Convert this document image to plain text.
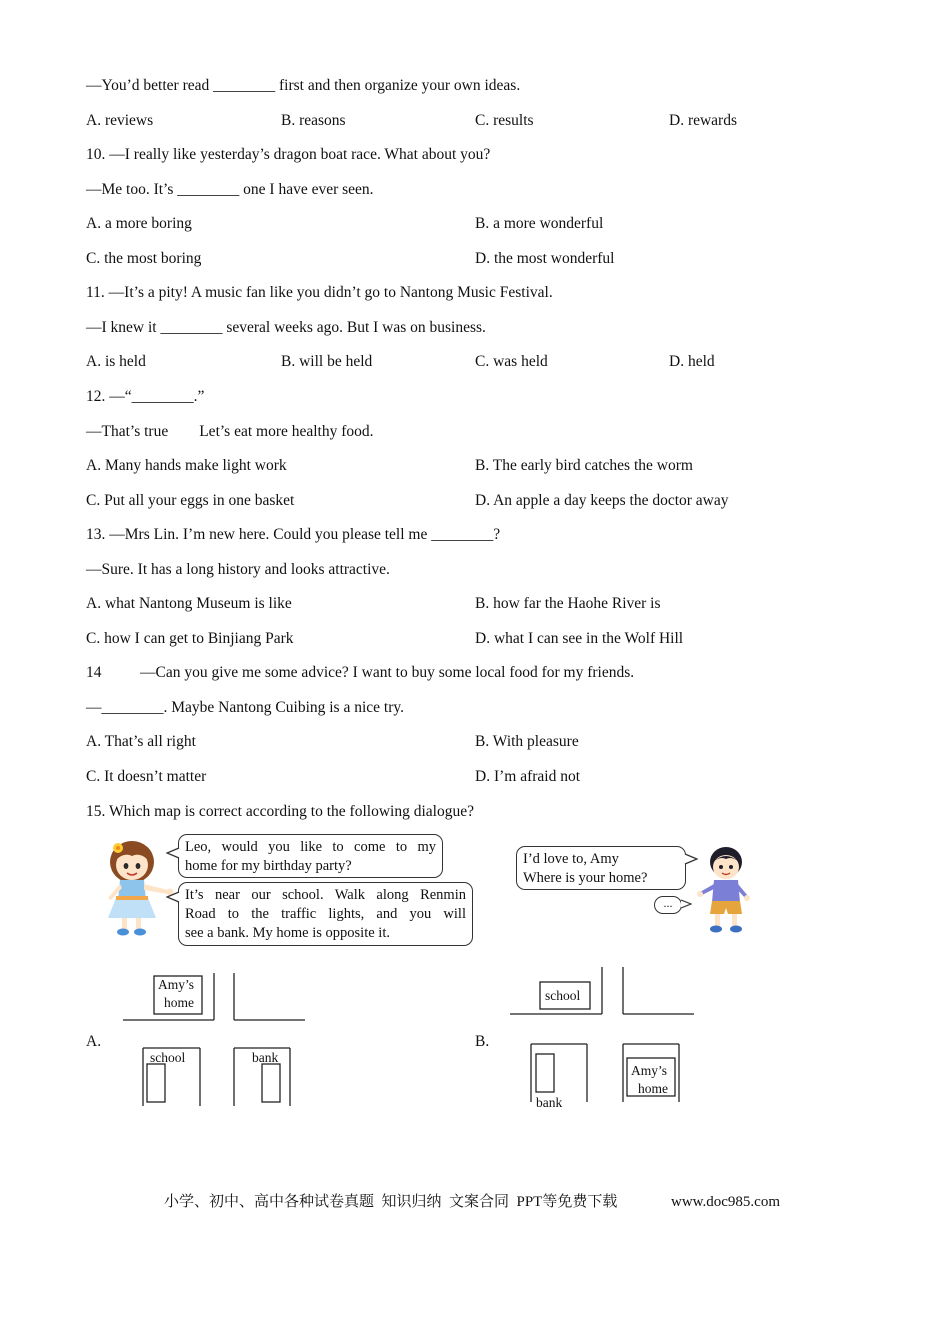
—You’d better read ________ first and then organize your own ideas.
A. reviews	B. reasons	C. results	D. rewards
10. —I really like yesterday’s dragon boat race. What about you?
—Me too. It’s ________ one I have ever seen.
A. a more boring	B. a more wonderful
C. the most boring	D. the most wonderful
11. —It’s a pity! A music fan like you didn’t go to Nantong Music Festival.
—I knew it ________ several weeks ago. But I was on business.
A. is held	B. will be held	C. was held	D. held
12. —“________.”
—That’s true        Let’s eat more healthy food.
A. Many hands make light work	B. The early bird catches the worm
C. Put all your eggs in one basket	D. An apple a day keeps the doctor away
13. —Mrs Lin. I’m new here. Could you please tell me ________?
—Sure. It has a long history and looks attractive.
A. what Nantong Museum is like	B. how far the Haohe River is
C. how I can get to Binjiang Park	D. what I can see in the Wolf Hill
14 —Can you give me some advice? I want to buy some local food for my friends.
—________. Maybe Nantong Cuibing is a nice try.
A. That’s all right	B. With pleasure
C. It doesn’t matter	D. I’m afraid not
15. Which map is correct according to the following dialogue?
Leo, would you like to come to my
home for my birthday party?
It’s near our school. Walk along Renmin
Road to the traffic lights, and you will
see a bank. My home is opposite it.
I’d love to, Amy
Where is your home?
...
A.	B.
Amy’s
home
school	bank
school
bank
Amy’s
home
小学、初中、高中各种试卷真题  知识归纳  文案合同  PPT等免费下载	www.doc985.com
